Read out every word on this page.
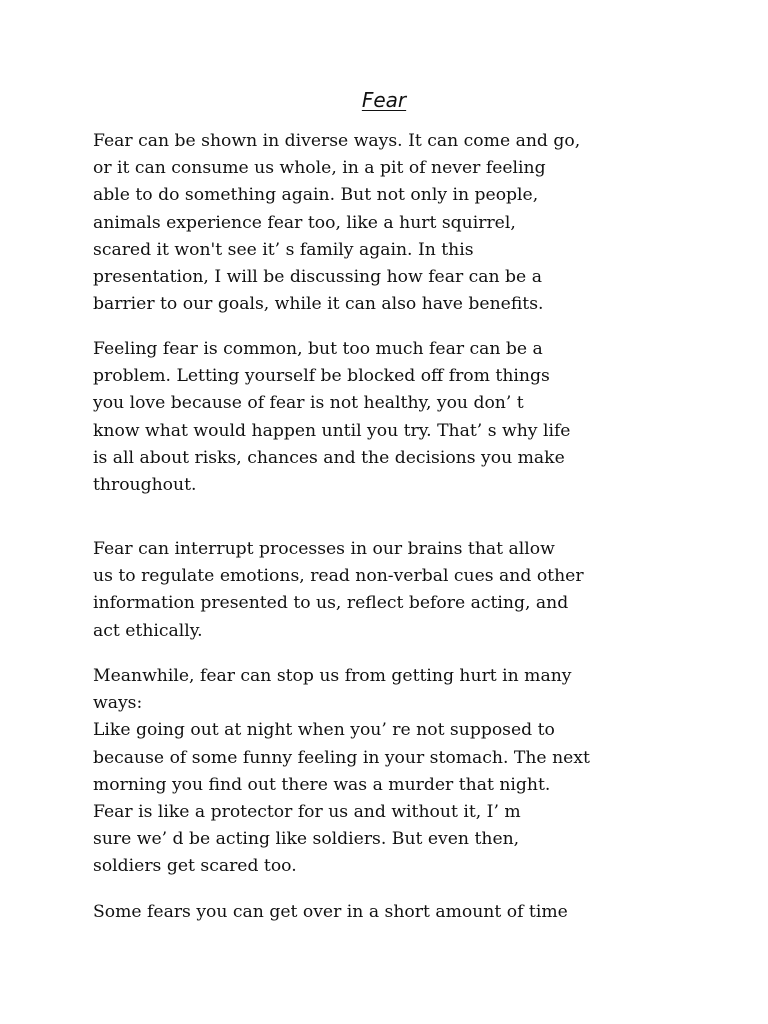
Fear

Fear can be shown in diverse ways. It can come and go,
or it can consume us whole, in a pit of never feeling
able to do something again. But not only in people,
animals experience fear too, like a hurt squirrel,
scared it won't see it’ s family again. In this
presentation, I will be discussing how fear can be a
barrier to our goals, while it can also have benefits.

Feeling fear is common, but too much fear can be a
problem. Letting yourself be blocked off from things
you love because of fear is not healthy, you don’ t
know what would happen until you try. That’ s why life
is all about risks, chances and the decisions you make
throughout.

Fear can interrupt processes in our brains that allow
us to regulate emotions, read non-verbal cues and other
information presented to us, reflect before acting, and
act ethically.

Meanwhile, fear can stop us from getting hurt in many
ways:
Like going out at night when you’ re not supposed to
because of some funny feeling in your stomach. The next
morning you find out there was a murder that night.
Fear is like a protector for us and without it, I’ m
sure we’ d be acting like soldiers. But even then,
soldiers get scared too.

Some fears you can get over in a short amount of time
